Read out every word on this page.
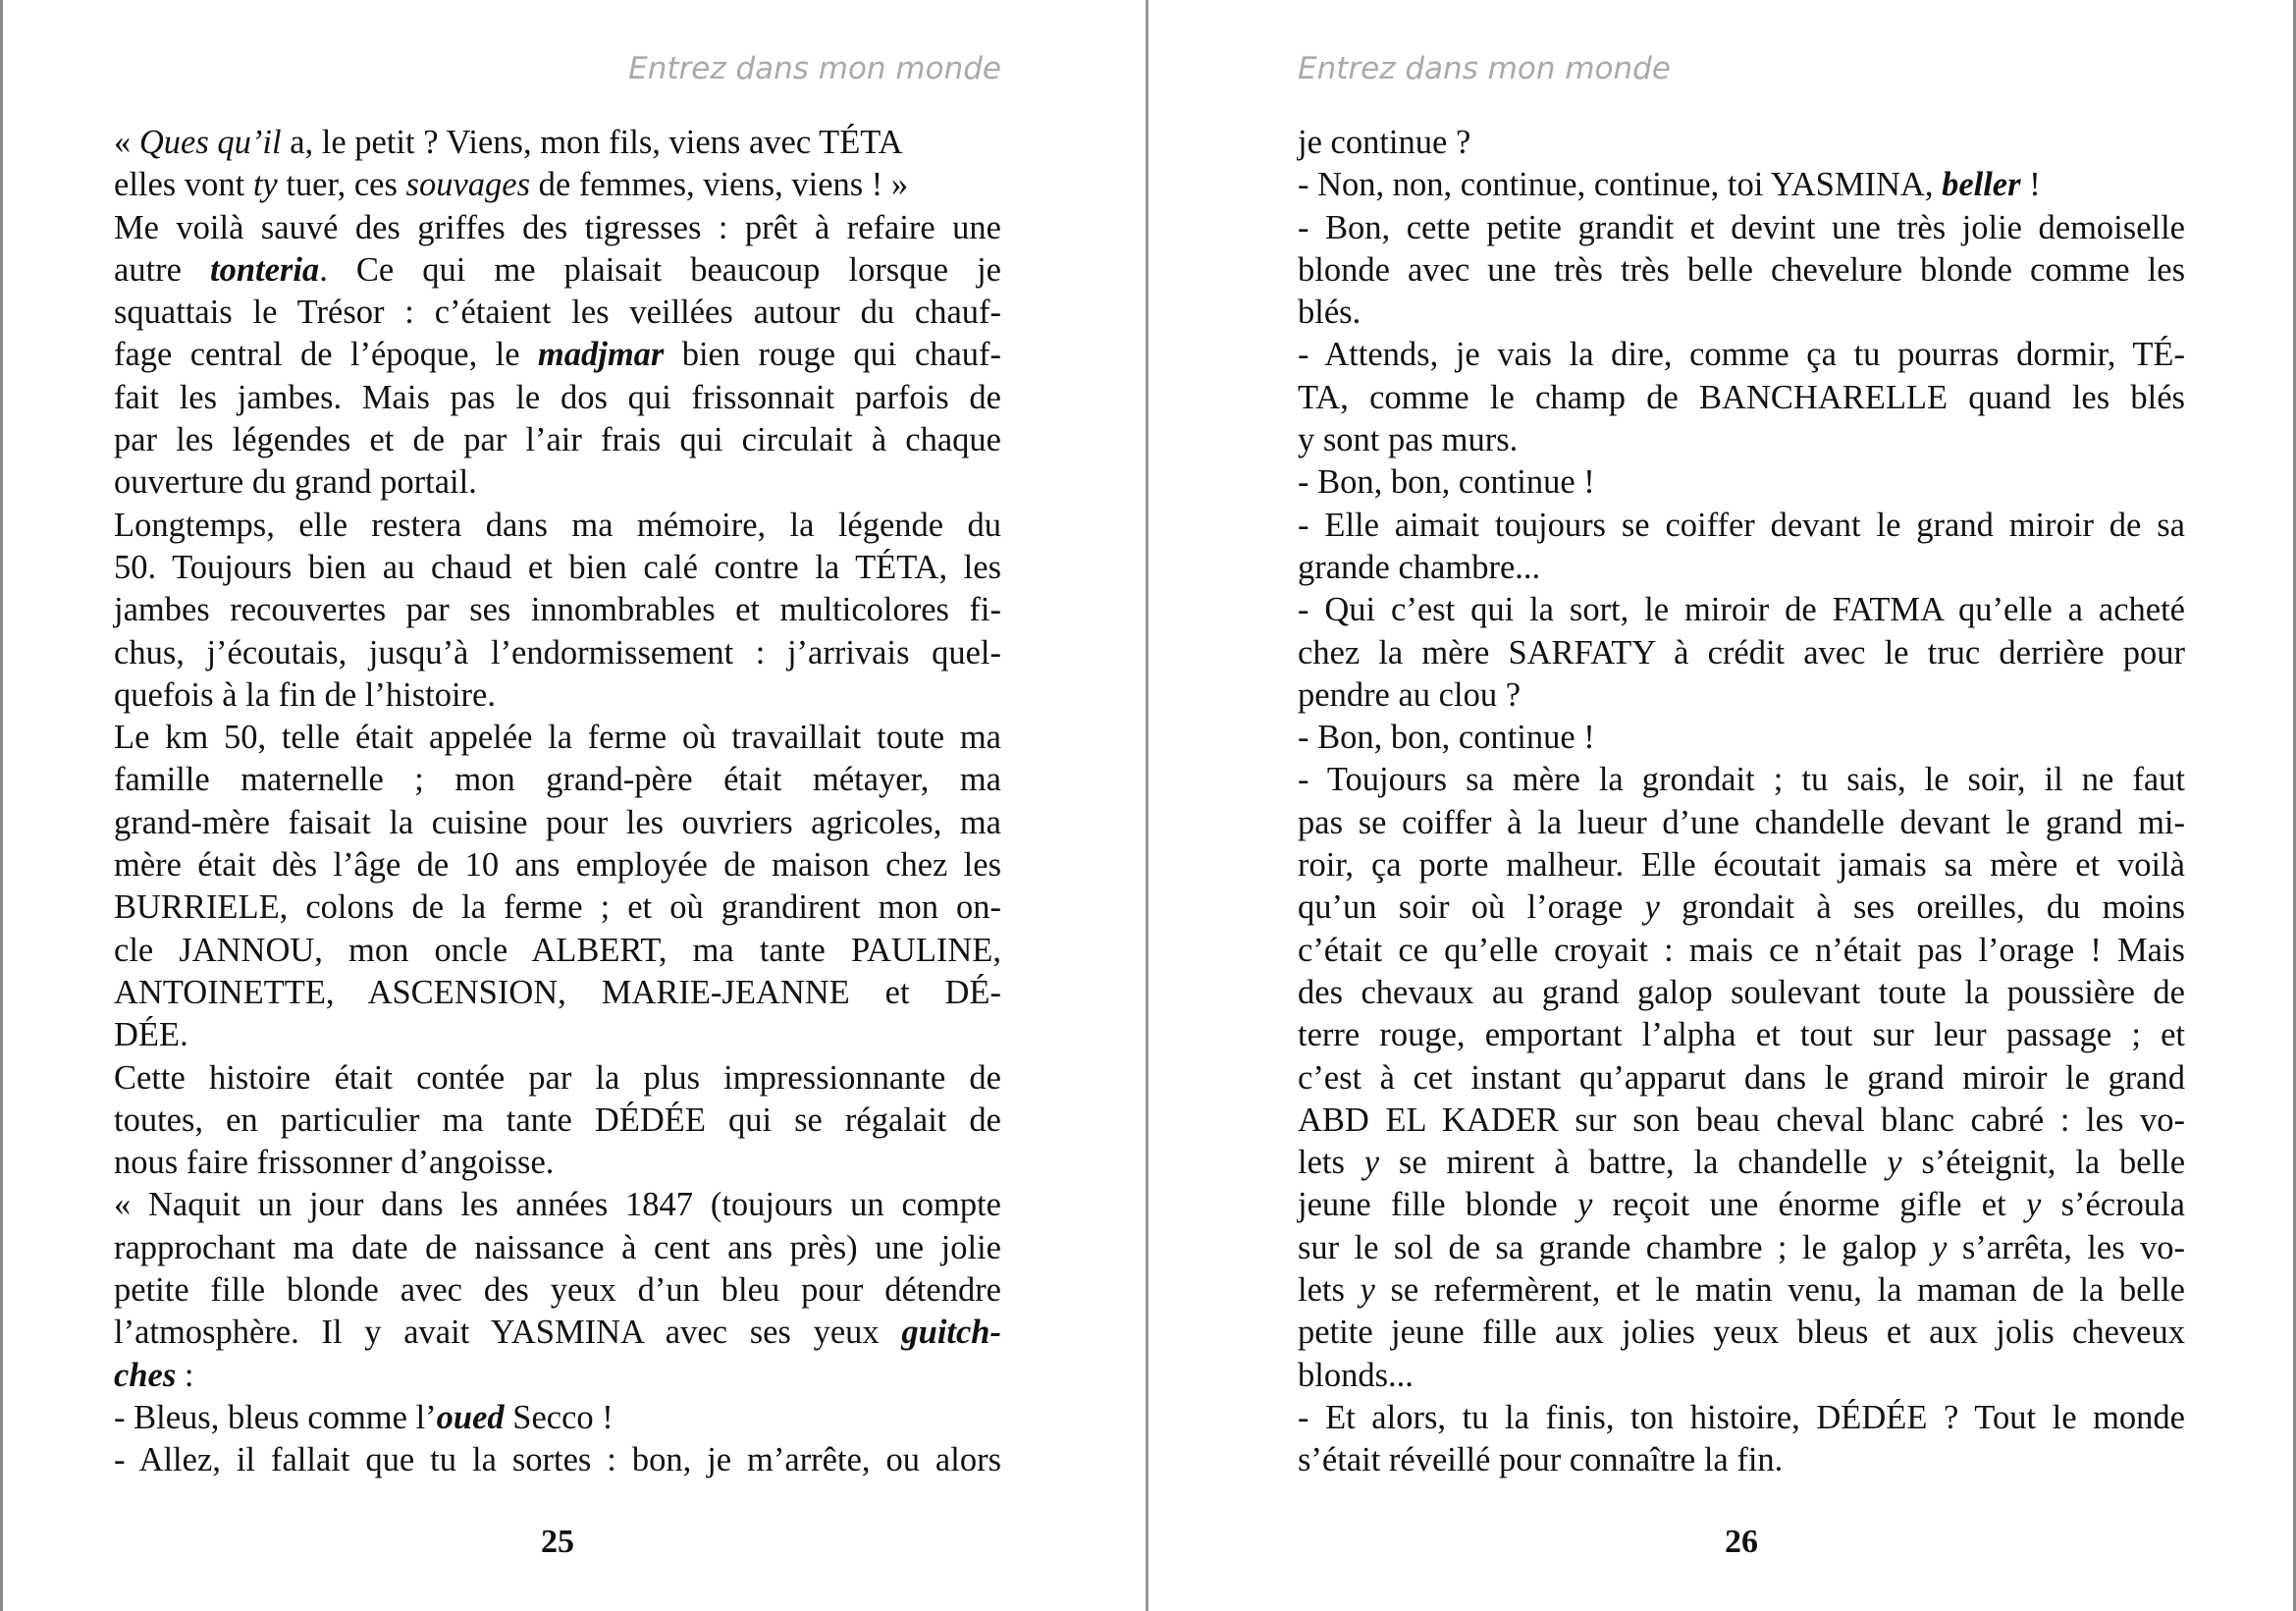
Entrez dans mon monde
« Ques qu’il a, le petit ? Viens, mon fils, viens avec TÉTA
elles vont ty tuer, ces souvages de femmes, viens, viens ! »
Me voilà sauvé des griffes des tigresses : prêt à refaire une
autre tonteria. Ce qui me plaisait beaucoup lorsque je
squattais le Trésor : c’étaient les veillées autour du chauf-
fage central de l’époque, le madjmar bien rouge qui chauf-
fait les jambes. Mais pas le dos qui frissonnait parfois de
par les légendes et de par l’air frais qui circulait à chaque
ouverture du grand portail.
Longtemps, elle restera dans ma mémoire, la légende du
50. Toujours bien au chaud et bien calé contre la TÉTA, les
jambes recouvertes par ses innombrables et multicolores fi-
chus, j’écoutais, jusqu’à l’endormissement : j’arrivais quel-
quefois à la fin de l’histoire.
Le km 50, telle était appelée la ferme où travaillait toute ma
famille maternelle ; mon grand-père était métayer, ma
grand-mère faisait la cuisine pour les ouvriers agricoles, ma
mère était dès l’âge de 10 ans employée de maison chez les
BURRIELE, colons de la ferme ; et où grandirent mon on-
cle JANNOU, mon oncle ALBERT, ma tante PAULINE,
ANTOINETTE, ASCENSION, MARIE-JEANNE et DÉ-
DÉE.
Cette histoire était contée par la plus impressionnante de
toutes, en particulier ma tante DÉDÉE qui se régalait de
nous faire frissonner d’angoisse.
« Naquit un jour dans les années 1847 (toujours un compte
rapprochant ma date de naissance à cent ans près) une jolie
petite fille blonde avec des yeux d’un bleu pour détendre
l’atmosphère. Il y avait YASMINA avec ses yeux guitch-
ches :
- Bleus, bleus comme l’oued Secco !
- Allez, il fallait que tu la sortes : bon, je m’arrête, ou alors
25
Entrez dans mon monde
je continue ?
- Non, non, continue, continue, toi YASMINA, beller !
- Bon, cette petite grandit et devint une très jolie demoiselle
blonde avec une très très belle chevelure blonde comme les
blés.
- Attends, je vais la dire, comme ça tu pourras dormir, TÉ-
TA, comme le champ de BANCHARELLE quand les blés
y sont pas murs.
- Bon, bon, continue !
- Elle aimait toujours se coiffer devant le grand miroir de sa
grande chambre...
- Qui c’est qui la sort, le miroir de FATMA qu’elle a acheté
chez la mère SARFATY à crédit avec le truc derrière pour
pendre au clou ?
- Bon, bon, continue !
- Toujours sa mère la grondait ; tu sais, le soir, il ne faut
pas se coiffer à la lueur d’une chandelle devant le grand mi-
roir, ça porte malheur. Elle écoutait jamais sa mère et voilà
qu’un soir où l’orage y grondait à ses oreilles, du moins
c’était ce qu’elle croyait : mais ce n’était pas l’orage ! Mais
des chevaux au grand galop soulevant toute la poussière de
terre rouge, emportant l’alpha et tout sur leur passage ; et
c’est à cet instant qu’apparut dans le grand miroir le grand
ABD EL KADER sur son beau cheval blanc cabré : les vo-
lets y se mirent à battre, la chandelle y s’éteignit, la belle
jeune fille blonde y reçoit une énorme gifle et y s’écroula
sur le sol de sa grande chambre ; le galop y s’arrêta, les vo-
lets y se refermèrent, et le matin venu, la maman de la belle
petite jeune fille aux jolies yeux bleus et aux jolis cheveux
blonds...
- Et alors, tu la finis, ton histoire, DÉDÉE ? Tout le monde
s’était réveillé pour connaître la fin.
26
